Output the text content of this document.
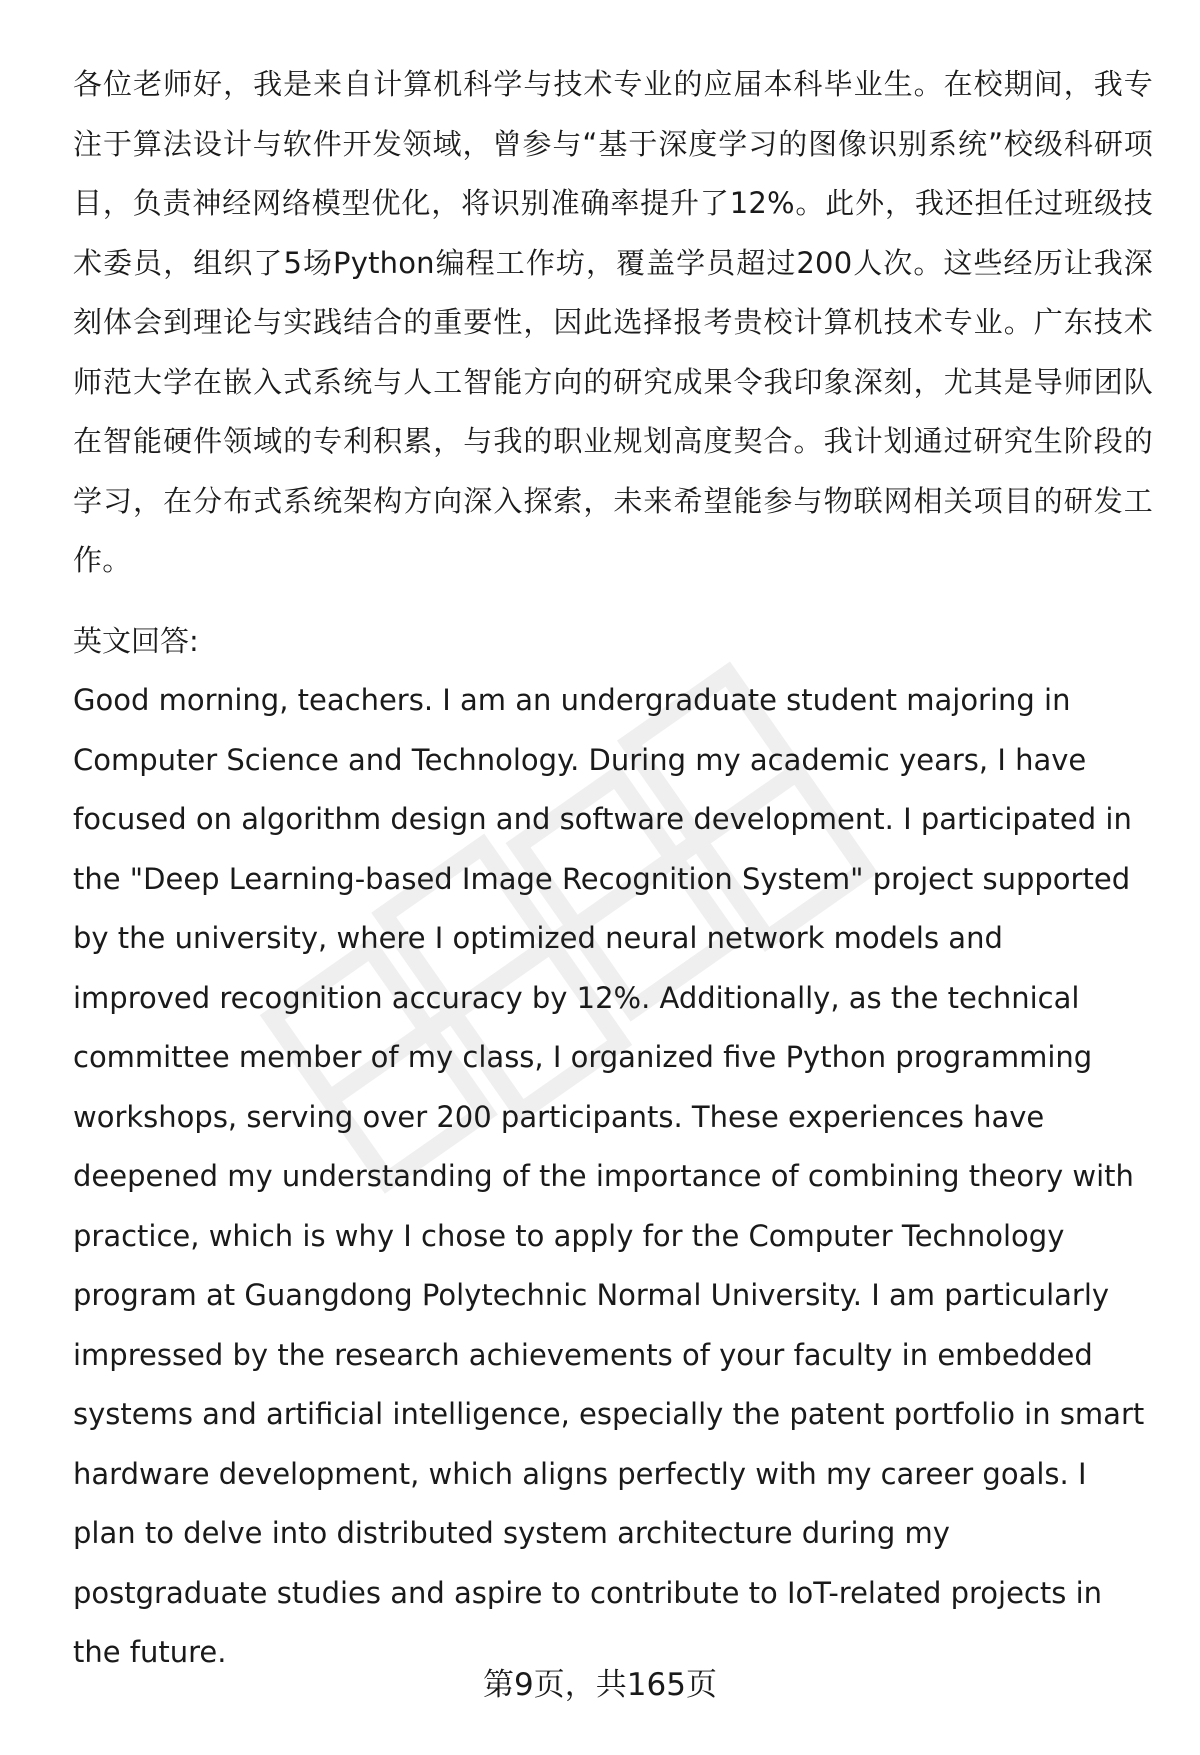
各位老师好，我是来自计算机科学与技术专业的应届本科毕业生。在校期间，我专注于算法设计与软件开发领域，曾参与“基于深度学习的图像识别系统”校级科研项目，负责神经网络模型优化，将识别准确率提升了12%。此外，我还担任过班级技术委员，组织了5场Python编程工作坊，覆盖学员超过200人次。这些经历让我深刻体会到理论与实践结合的重要性，因此选择报考贵校计算机技术专业。广东技术师范大学在嵌入式系统与人工智能方向的研究成果令我印象深刻，尤其是导师团队在智能硬件领域的专利积累，与我的职业规划高度契合。我计划通过研究生阶段的学习，在分布式系统架构方向深入探索，未来希望能参与物联网相关项目的研发工作。

英文回答:

Good morning, teachers. I am an undergraduate student majoring in Computer Science and Technology. During my academic years, I have focused on algorithm design and software development. I participated in the "Deep Learning-based Image Recognition System" project supported by the university, where I optimized neural network models and improved recognition accuracy by 12%. Additionally, as the technical committee member of my class, I organized five Python programming workshops, serving over 200 participants. These experiences have deepened my understanding of the importance of combining theory with practice, which is why I chose to apply for the Computer Technology program at Guangdong Polytechnic Normal University. I am particularly impressed by the research achievements of your faculty in embedded systems and artificial intelligence, especially the patent portfolio in smart hardware development, which aligns perfectly with my career goals. I plan to delve into distributed system architecture during my postgraduate studies and aspire to contribute to IoT-related projects in the future.

第9页，共165页
